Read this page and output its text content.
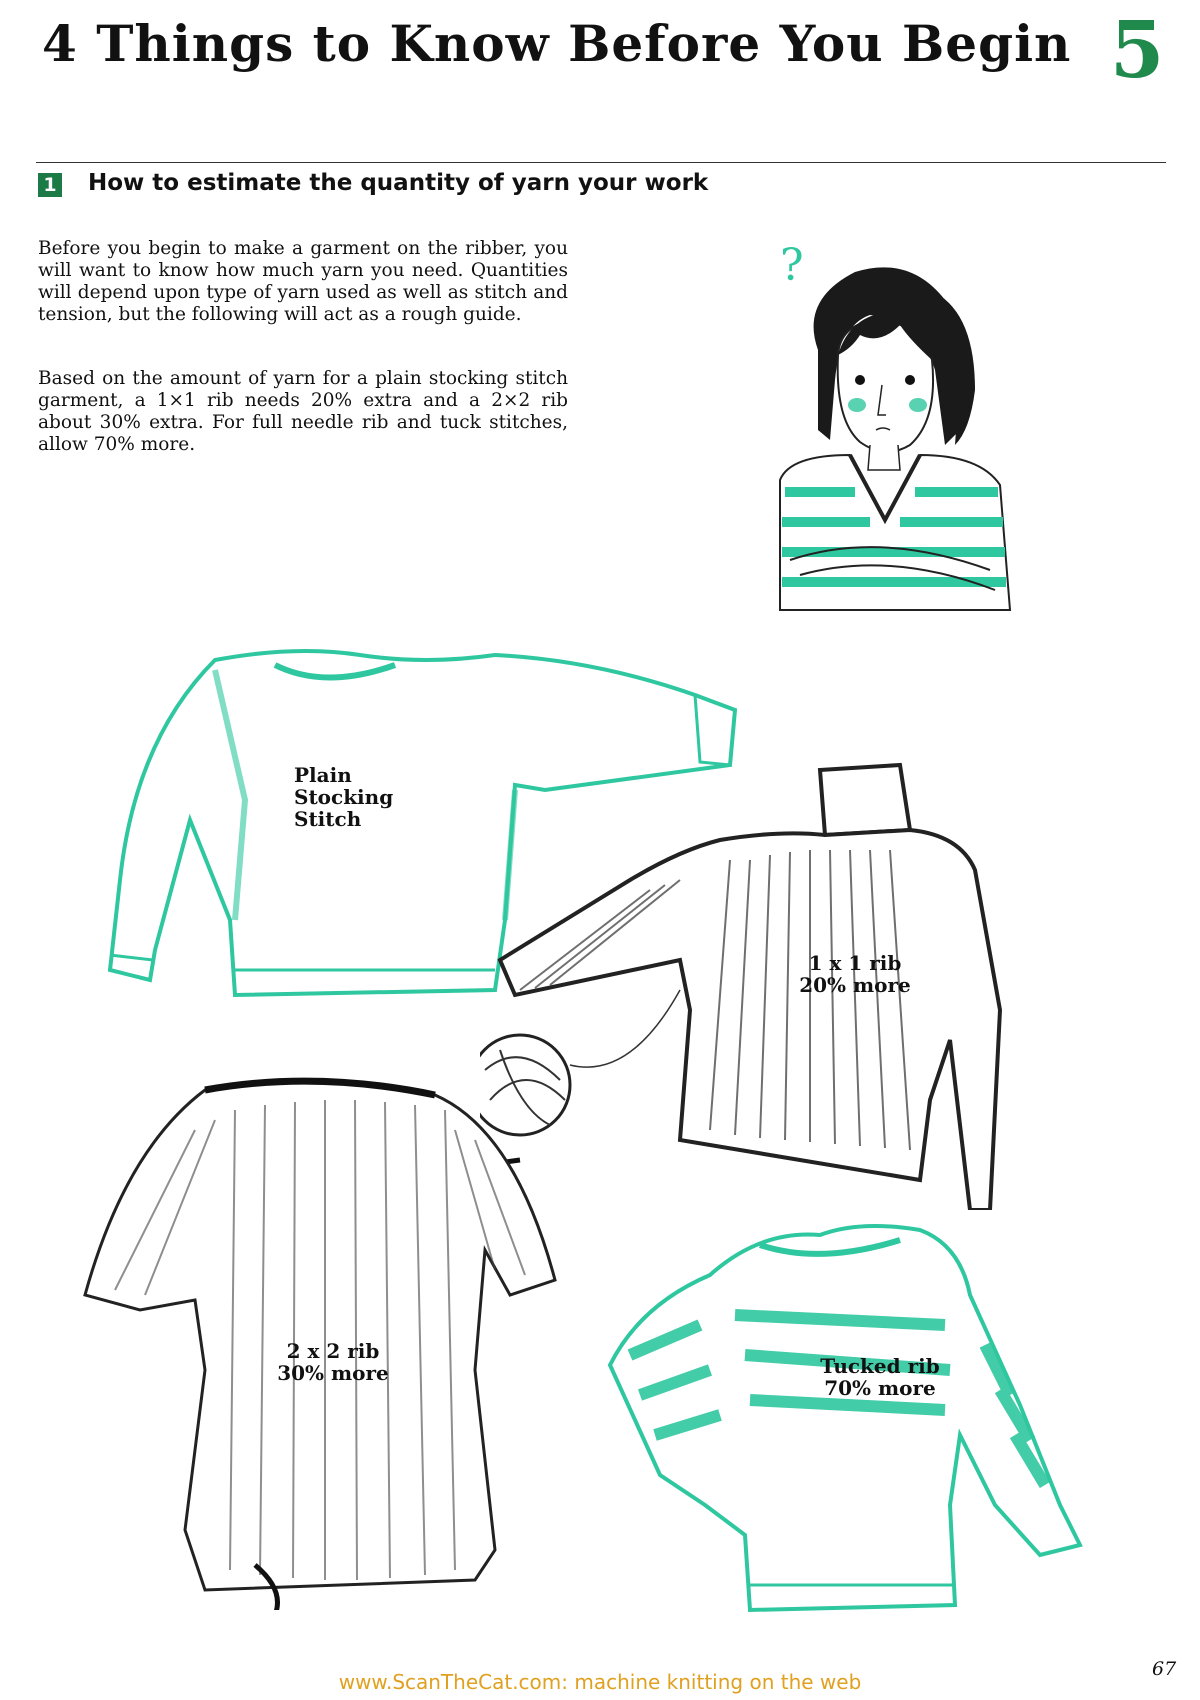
4 Things to Know Before You Begin 5
1 How to estimate the quantity of yarn your work

Before you begin to make a garment on the ribber, you will want to know how much yarn you need. Quantities will depend upon type of yarn used as well as stitch and tension, but the following will act as a rough guide.

Based on the amount of yarn for a plain stocking stitch garment, a 1×1 rib needs 20% extra and a 2×2 rib about 30% extra. For full needle rib and tuck stitches, allow 70% more.

?
Plain
Stocking
Stitch
1 x 1 rib
20% more
2 x 2 rib
30% more	Tucked rib
70% more
67
www.ScanTheCat.com: machine knitting on the web
